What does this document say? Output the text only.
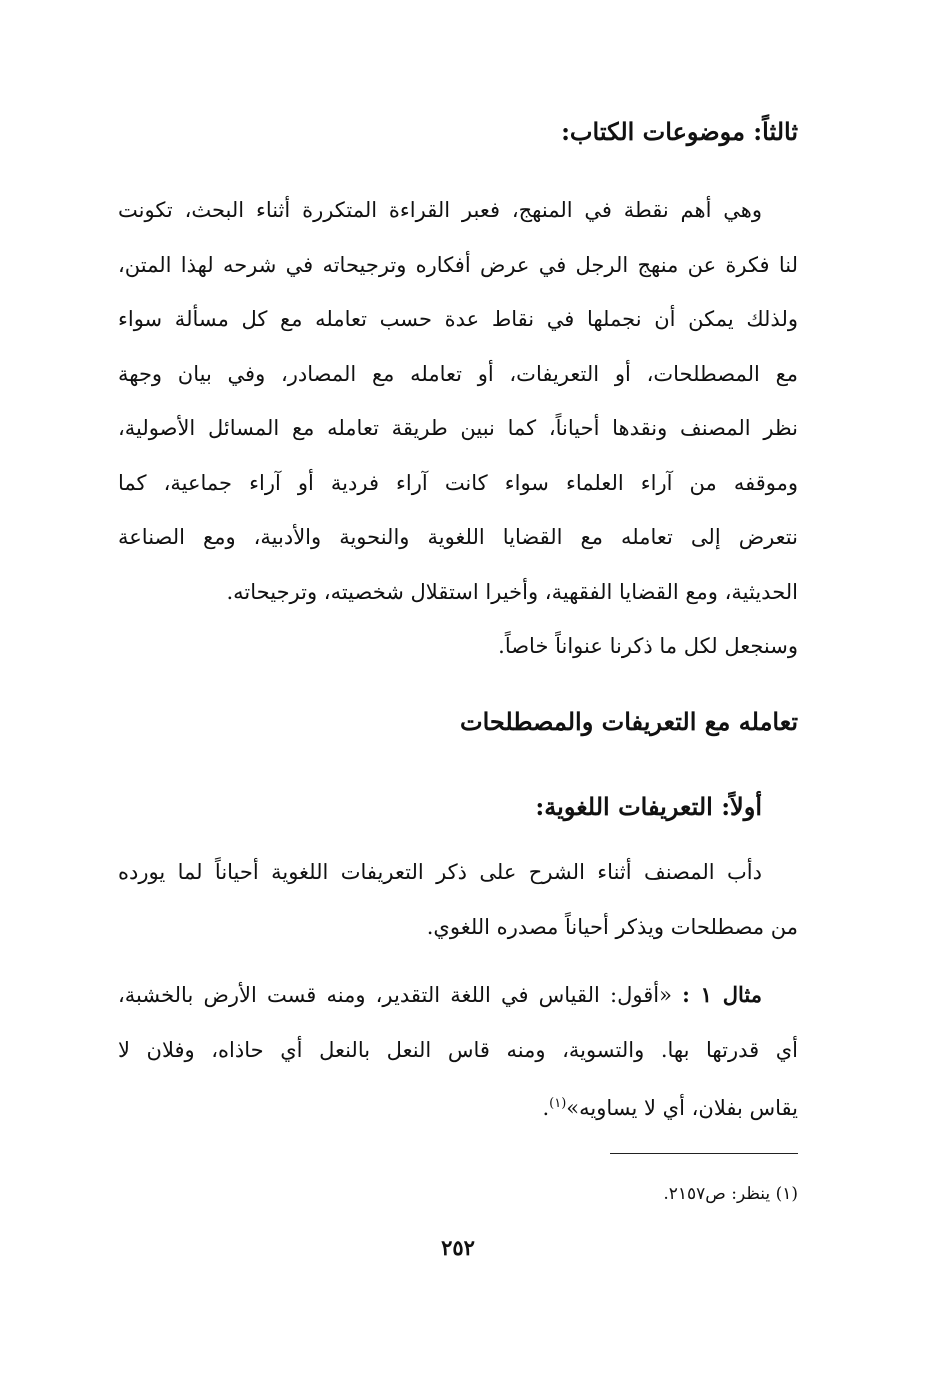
ثالثاً: موضوعات الكتاب:
وهي أهم نقطة في المنهج، فعبر القراءة المتكررة أثناء البحث، تكونت
لنا فكرة عن منهج الرجل في عرض أفكاره وترجيحاته في شرحه لهذا المتن،
ولذلك يمكن أن نجملها في نقاط عدة حسب تعامله مع كل مسألة سواء
مع المصطلحات، أو التعريفات، أو تعامله مع المصادر، وفي بيان وجهة
نظر المصنف ونقدها أحياناً، كما نبين طريقة تعامله مع المسائل الأصولية،
وموقفه من آراء العلماء سواء كانت آراء فردية أو آراء جماعية، كما
نتعرض إلى تعامله مع القضايا اللغوية والنحوية والأدبية، ومع الصناعة
الحديثية، ومع القضايا الفقهية، وأخيرا استقلال شخصيته، وترجيحاته.
وسنجعل لكل ما ذكرنا عنواناً خاصاً.
تعامله مع التعريفات والمصطلحات
أولاً: التعريفات اللغوية:
دأب المصنف أثناء الشرح على ذكر التعريفات اللغوية أحياناً لما يورده
من مصطلحات ويذكر أحياناً مصدره اللغوي.
مثال ١ : «أقول: القياس في اللغة التقدير، ومنه قست الأرض بالخشبة،
أي قدرتها بها. والتسوية، ومنه قاس النعل بالنعل أي حاذاه، وفلان لا
يقاس بفلان، أي لا يساويه»$^{(١)}$.
(١) ينظر: ص٢١٥٧.
٢٥٢
